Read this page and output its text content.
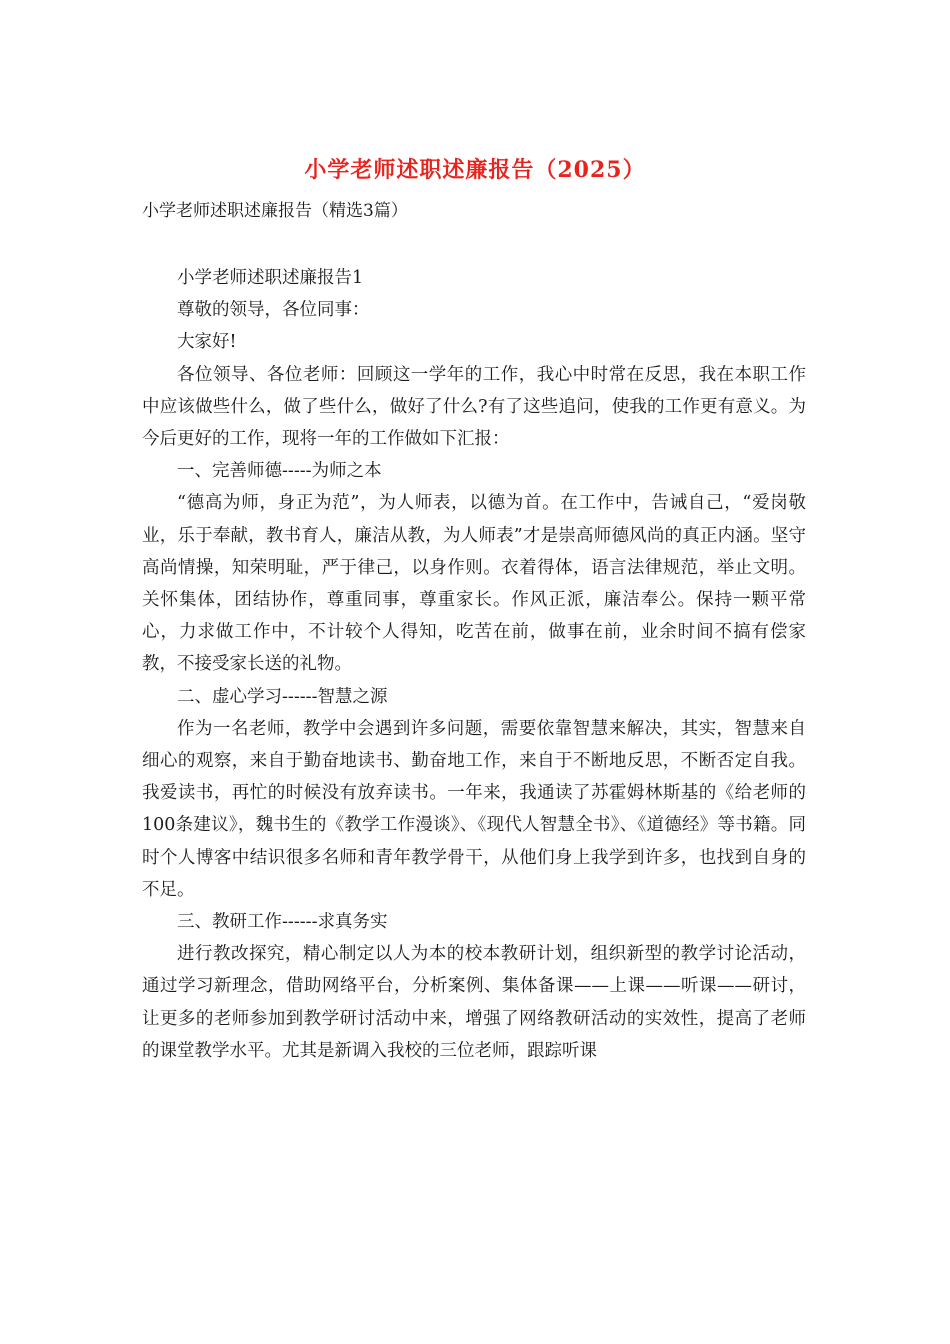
小学老师述职述廉报告（2025）
小学老师述职述廉报告（精选3篇）

小学老师述职述廉报告1

尊敬的领导，各位同事：

大家好!

各位领导、各位老师：回顾这一学年的工作，我心中时常在反思，我在本职工作中应该做些什么，做了些什么，做好了什么?有了这些追问，使我的工作更有意义。为今后更好的工作，现将一年的工作做如下汇报：

一、完善师德-----为师之本

“德高为师，身正为范”，为人师表，以德为首。在工作中，告诫自己，“爱岗敬业，乐于奉献，教书育人，廉洁从教，为人师表”才是崇高师德风尚的真正内涵。坚守高尚情操，知荣明耻，严于律己，以身作则。衣着得体，语言法律规范，举止文明。关怀集体，团结协作，尊重同事，尊重家长。作风正派，廉洁奉公。保持一颗平常心，力求做工作中，不计较个人得知，吃苦在前，做事在前，业余时间不搞有偿家教，不接受家长送的礼物。

二、虚心学习------智慧之源

作为一名老师，教学中会遇到许多问题，需要依靠智慧来解决，其实，智慧来自细心的观察，来自于勤奋地读书、勤奋地工作，来自于不断地反思，不断否定自我。我爱读书，再忙的时候没有放弃读书。一年来，我通读了苏霍姆林斯基的《给老师的100条建议》，魏书生的《教学工作漫谈》、《现代人智慧全书》、《道德经》等书籍。同时个人博客中结识很多名师和青年教学骨干，从他们身上我学到许多，也找到自身的不足。

三、教研工作------求真务实

进行教改探究，精心制定以人为本的校本教研计划，组织新型的教学讨论活动，通过学习新理念，借助网络平台，分析案例、集体备课——上课——听课——研讨，让更多的老师参加到教学研讨活动中来，增强了网络教研活动的实效性，提高了老师的课堂教学水平。尤其是新调入我校的三位老师，跟踪听课
